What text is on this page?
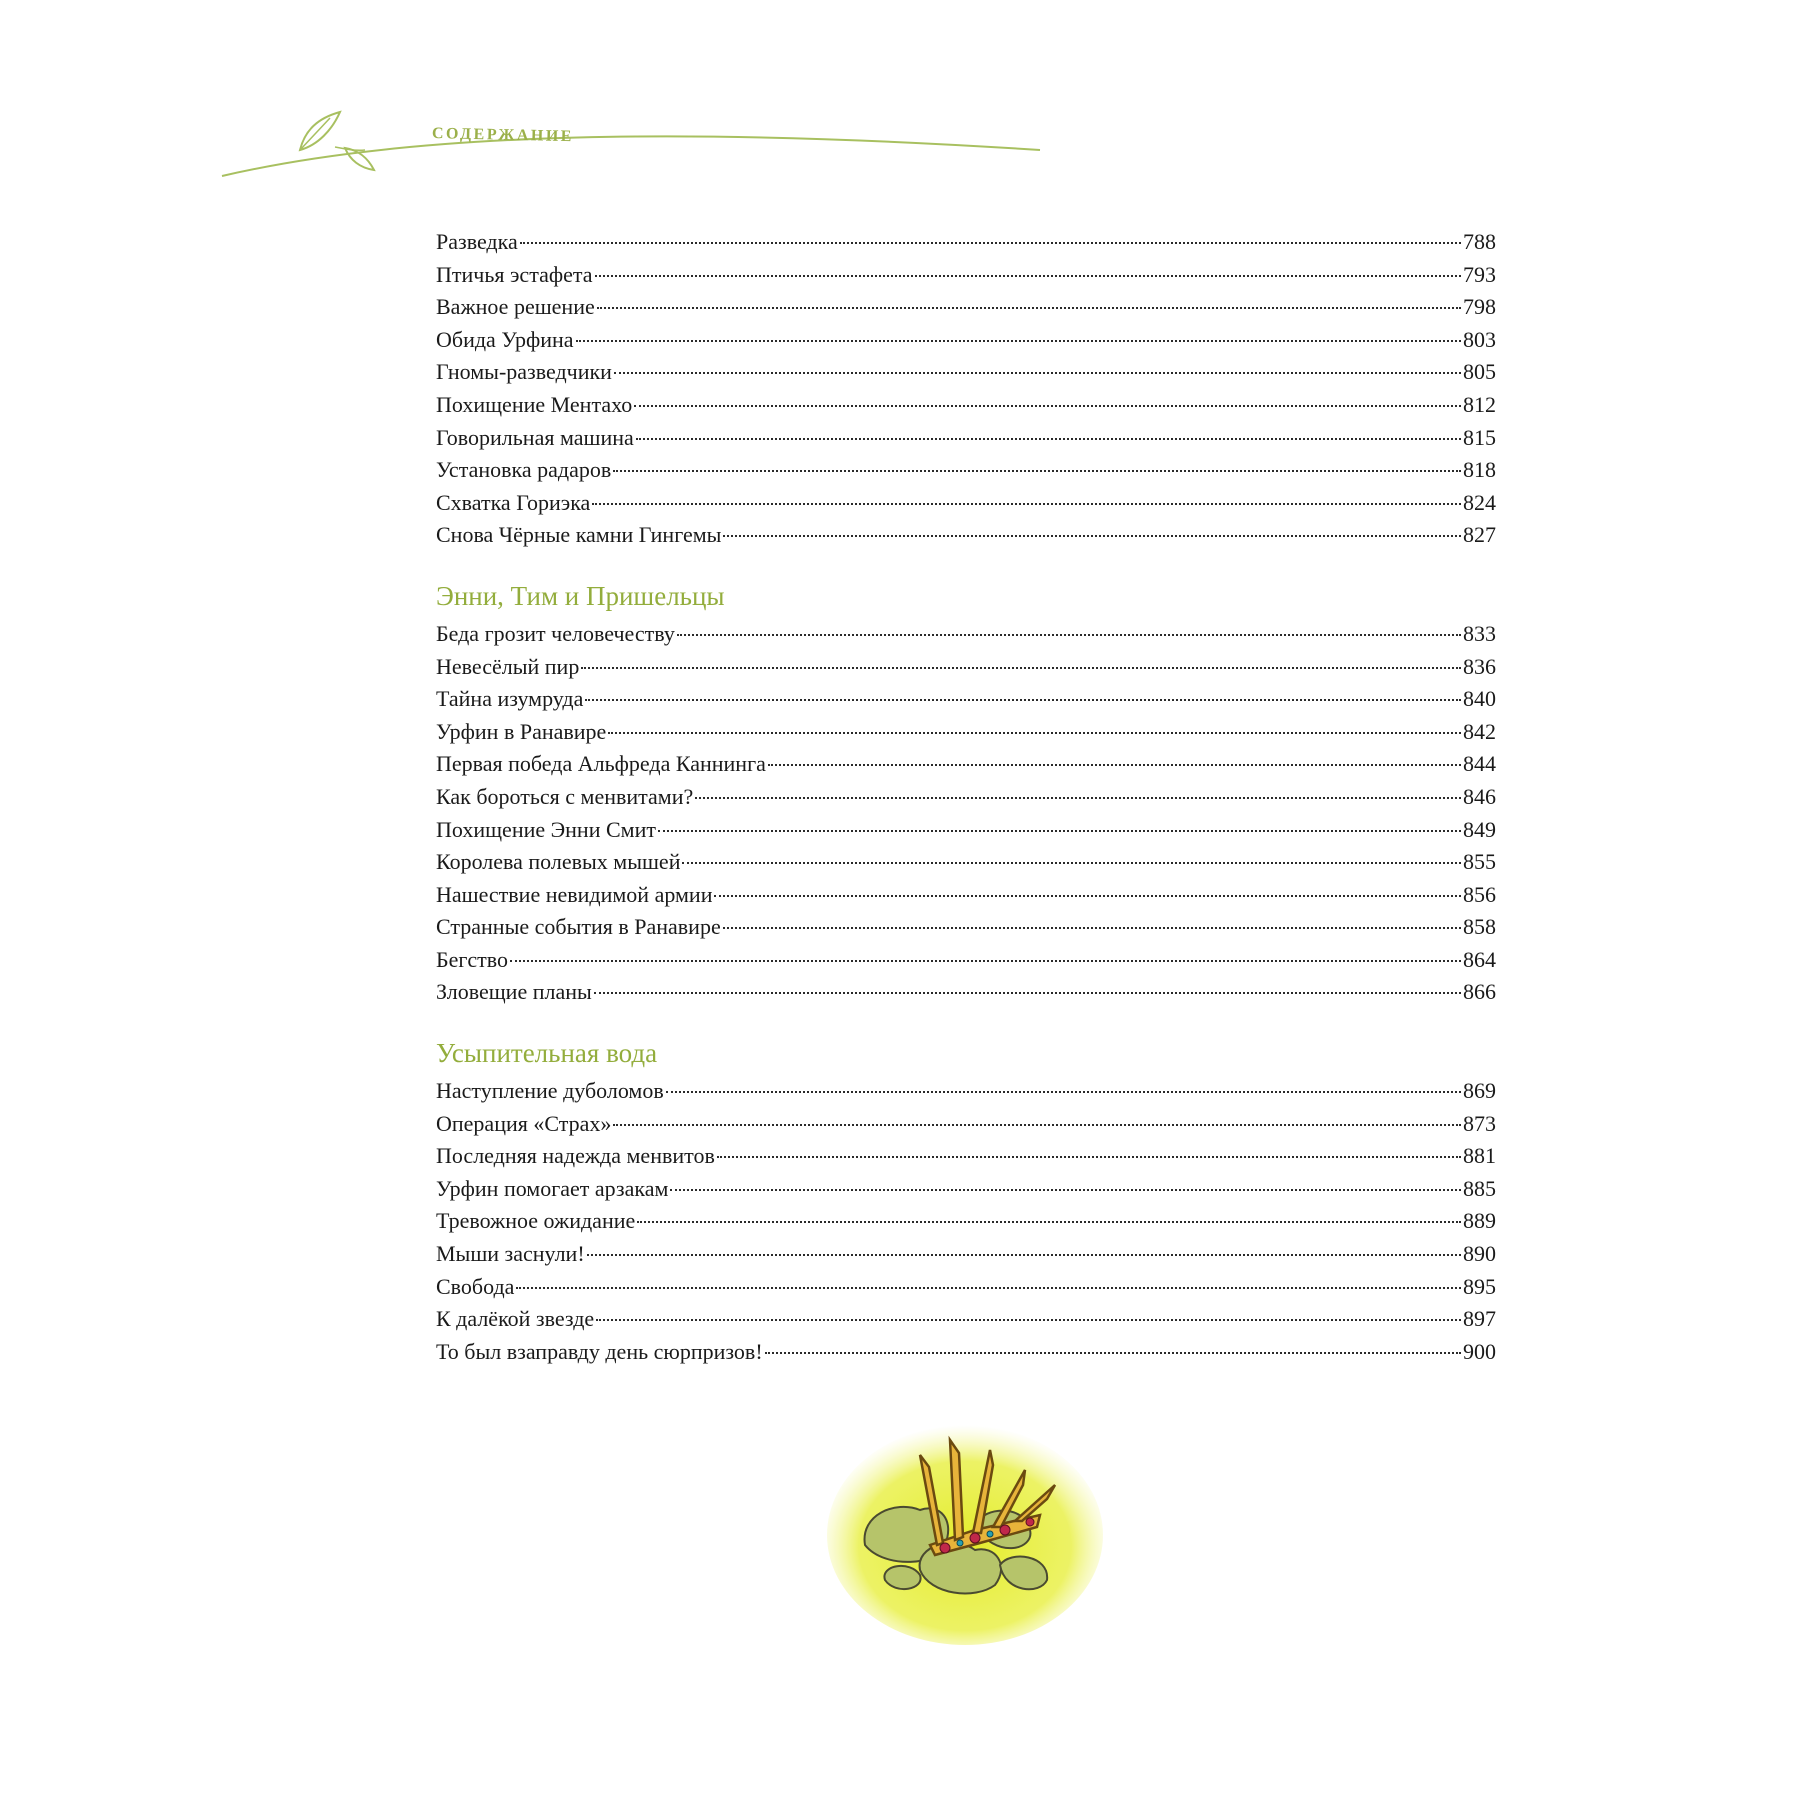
содержание
Разведка	788
Птичья эстафета	793
Важное решение	798
Обида Урфина	803
Гномы-разведчики	805
Похищение Ментахо	812
Говорильная машина	815
Установка радаров	818
Схватка Гориэка	824
Снова Чёрные камни Гингемы	827
Энни, Тим и Пришельцы
Беда грозит человечеству	833
Невесёлый пир	836
Тайна изумруда	840
Урфин в Ранавире	842
Первая победа Альфреда Каннинга	844
Как бороться с менвитами?	846
Похищение Энни Смит	849
Королева полевых мышей	855
Нашествие невидимой армии	856
Странные события в Ранавире	858
Бегство	864
Зловещие планы	866
Усыпительная вода
Наступление дуболомов	869
Операция «Страх»	873
Последняя надежда менвитов	881
Урфин помогает арзакам	885
Тревожное ожидание	889
Мыши заснули!	890
Свобода	895
К далёкой звезде	897
То был взаправду день сюрпризов!	900
